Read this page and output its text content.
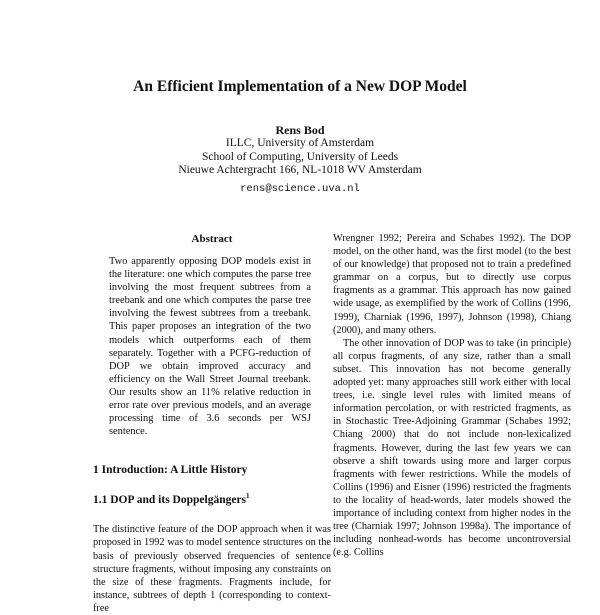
An Efficient Implementation of a New DOP Model
Rens Bod
ILLC, University of Amsterdam
School of Computing, University of Leeds
Nieuwe Achtergracht 166, NL-1018 WV Amsterdam
rens@science.uva.nl
Abstract

Two apparently opposing DOP models exist in the literature: one which computes the parse tree involving the most frequent subtrees from a treebank and one which computes the parse tree involving the fewest subtrees from a treebank. This paper proposes an integration of the two models which outperforms each of them separately. Together with a PCFG-reduction of DOP we obtain improved accuracy and efficiency on the Wall Street Journal treebank. Our results show an 11% relative reduction in error rate over previous models, and an average processing time of 3.6 seconds per WSJ sentence.

1 Introduction: A Little History

1.1 DOP and its Doppelgängers$^1$

The distinctive feature of the DOP approach when it was proposed in 1992 was to model sentence structures on the basis of previously observed frequencies of sentence structure fragments, without imposing any constraints on the size of these fragments. Fragments include, for instance, subtrees of depth 1 (corresponding to context-free

Wrengner 1992; Pereira and Schabes 1992). The DOP model, on the other hand, was the first model (to the best of our knowledge) that proposed not to train a predefined grammar on a corpus, but to directly use corpus fragments as a grammar. This approach has now gained wide usage, as exemplified by the work of Collins (1996, 1999), Charniak (1996, 1997), Johnson (1998), Chiang (2000), and many others.

The other innovation of DOP was to take (in principle) all corpus fragments, of any size, rather than a small subset. This innovation has not become generally adopted yet: many approaches still work either with local trees, i.e. single level rules with limited means of information percolation, or with restricted fragments, as in Stochastic Tree-Adjoining Grammar (Schabes 1992; Chiang 2000) that do not include non-lexicalized fragments. However, during the last few years we can observe a shift towards using more and larger corpus fragments with fewer restrictions. While the models of Collins (1996) and Eisner (1996) restricted the fragments to the locality of head-words, later models showed the importance of including context from higher nodes in the tree (Charniak 1997; Johnson 1998a). The importance of including nonhead-words has become uncontroversial (e.g. Collins
